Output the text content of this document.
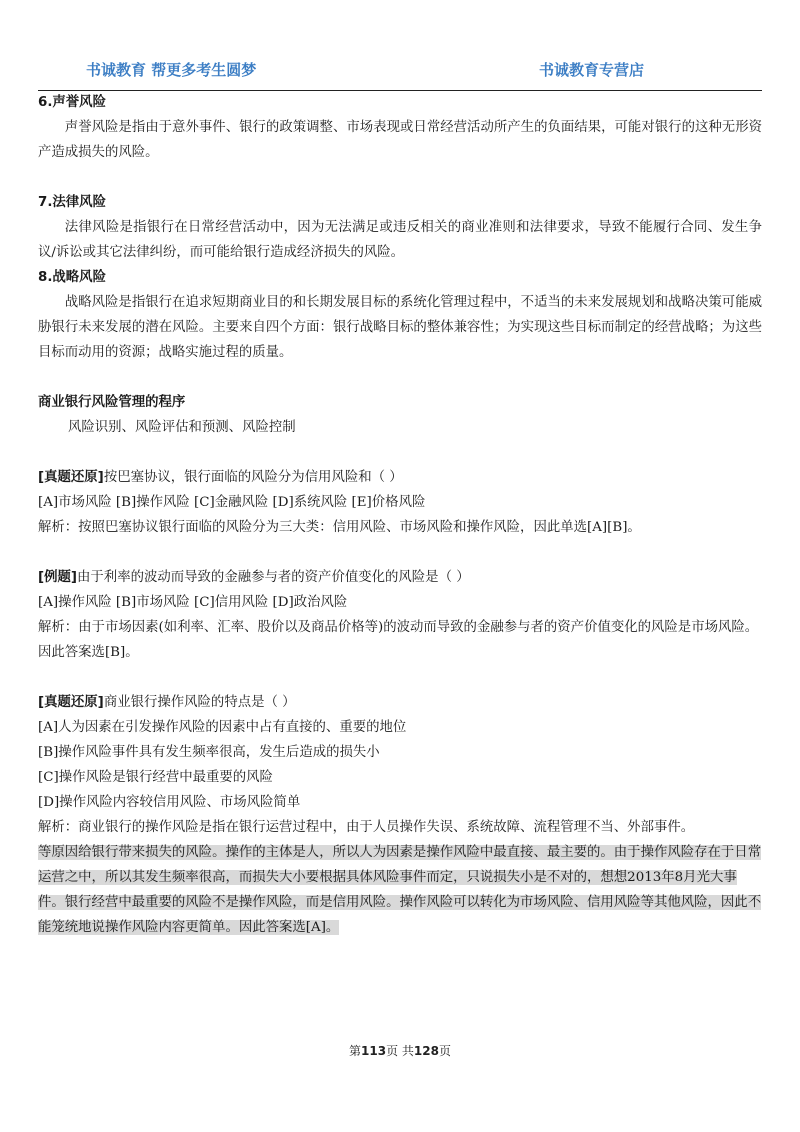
书诚教育 帮更多考生圆梦	书诚教育专营店
6.声誉风险
声誉风险是指由于意外事件、银行的政策调整、市场表现或日常经营活动所产生的负面结果，可能对银行的这种无形资产造成损失的风险。
7.法律风险
法律风险是指银行在日常经营活动中，因为无法满足或违反相关的商业准则和法律要求，导致不能履行合同、发生争议/诉讼或其它法律纠纷，而可能给银行造成经济损失的风险。
8.战略风险
战略风险是指银行在追求短期商业目的和长期发展目标的系统化管理过程中，不适当的未来发展规划和战略决策可能威胁银行未来发展的潜在风险。主要来自四个方面：银行战略目标的整体兼容性；为实现这些目标而制定的经营战略；为这些目标而动用的资源；战略实施过程的质量。
商业银行风险管理的程序
风险识别、风险评估和预测、风险控制
[真题还原]按巴塞协议，银行面临的风险分为信用风险和（ ）
[A]市场风险 [B]操作风险 [C]金融风险 [D]系统风险 [E]价格风险
解析：按照巴塞协议银行面临的风险分为三大类：信用风险、市场风险和操作风险，因此单选[A][B]。
[例题]由于利率的波动而导致的金融参与者的资产价值变化的风险是（ ）
[A]操作风险 [B]市场风险 [C]信用风险 [D]政治风险
解析：由于市场因素(如利率、汇率、股价以及商品价格等)的波动而导致的金融参与者的资产价值变化的风险是市场风险。因此答案选[B]。
[真题还原]商业银行操作风险的特点是（ ）
[A]人为因素在引发操作风险的因素中占有直接的、重要的地位
[B]操作风险事件具有发生频率很高，发生后造成的损失小
[C]操作风险是银行经营中最重要的风险
[D]操作风险内容较信用风险、市场风险简单
解析：商业银行的操作风险是指在银行运营过程中，由于人员操作失误、系统故障、流程管理不当、外部事件。
等原因给银行带来损失的风险。操作的主体是人，所以人为因素是操作风险中最直接、最主要的。由于操作风险存在于日常运营之中，所以其发生频率很高，而损失大小要根据具体风险事件而定，只说损失小是不对的，想想2013年8月光大事件。银行经营中最重要的风险不是操作风险，而是信用风险。操作风险可以转化为市场风险、信用风险等其他风险，因此不能笼统地说操作风险内容更简单。因此答案选[A]。
第113页 共128页
